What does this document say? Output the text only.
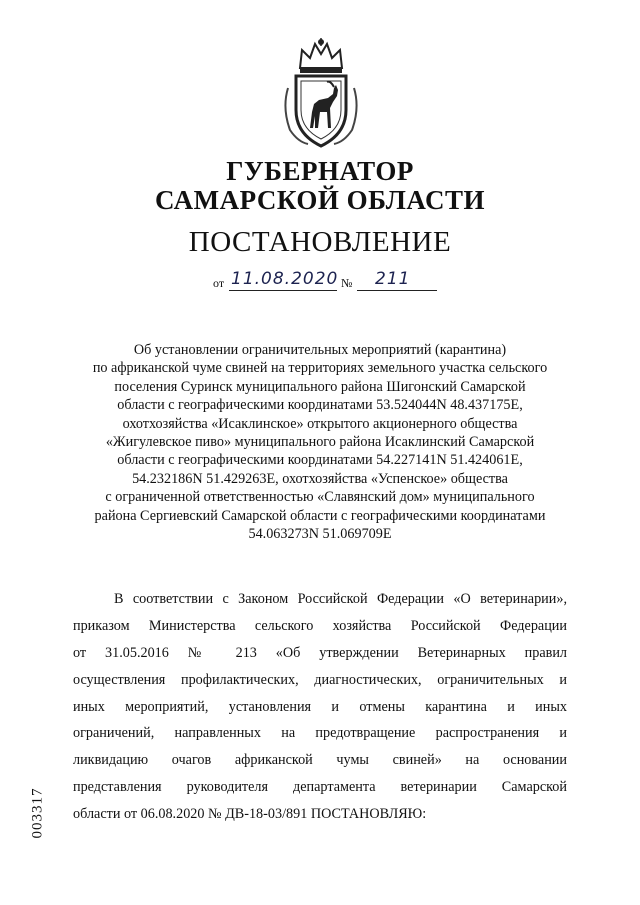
ГУБЕРНАТОР
САМАРСКОЙ ОБЛАСТИ
ПОСТАНОВЛЕНИЕ
от 11.08.2020 № 211
Об установлении ограничительных мероприятий (карантина)
по африканской чуме свиней на территориях земельного участка сельского
поселения Суринск муниципального района Шигонский Самарской
области с географическими координатами 53.524044N 48.437175E,
охотхозяйства «Исаклинское» открытого акционерного общества
«Жигулевское пиво» муниципального района Исаклинский Самарской
области с географическими координатами 54.227141N 51.424061E,
54.232186N 51.429263E, охотхозяйства «Успенское» общества
с ограниченной ответственностью «Славянский дом» муниципального
района Сергиевский Самарской области с географическими координатами
54.063273N 51.069709E
В соответствии с Законом Российской Федерации «О ветеринарии»,
приказом Министерства сельского хозяйства Российской Федерации
от 31.05.2016 № 213 «Об утверждении Ветеринарных правил
осуществления профилактических, диагностических, ограничительных и
иных мероприятий, установления и отмены карантина и иных
ограничений, направленных на предотвращение распространения и
ликвидацию очагов африканской чумы свиней» на основании
представления руководителя департамента ветеринарии Самарской
области от 06.08.2020 № ДВ-18-03/891 ПОСТАНОВЛЯЮ:
003317
